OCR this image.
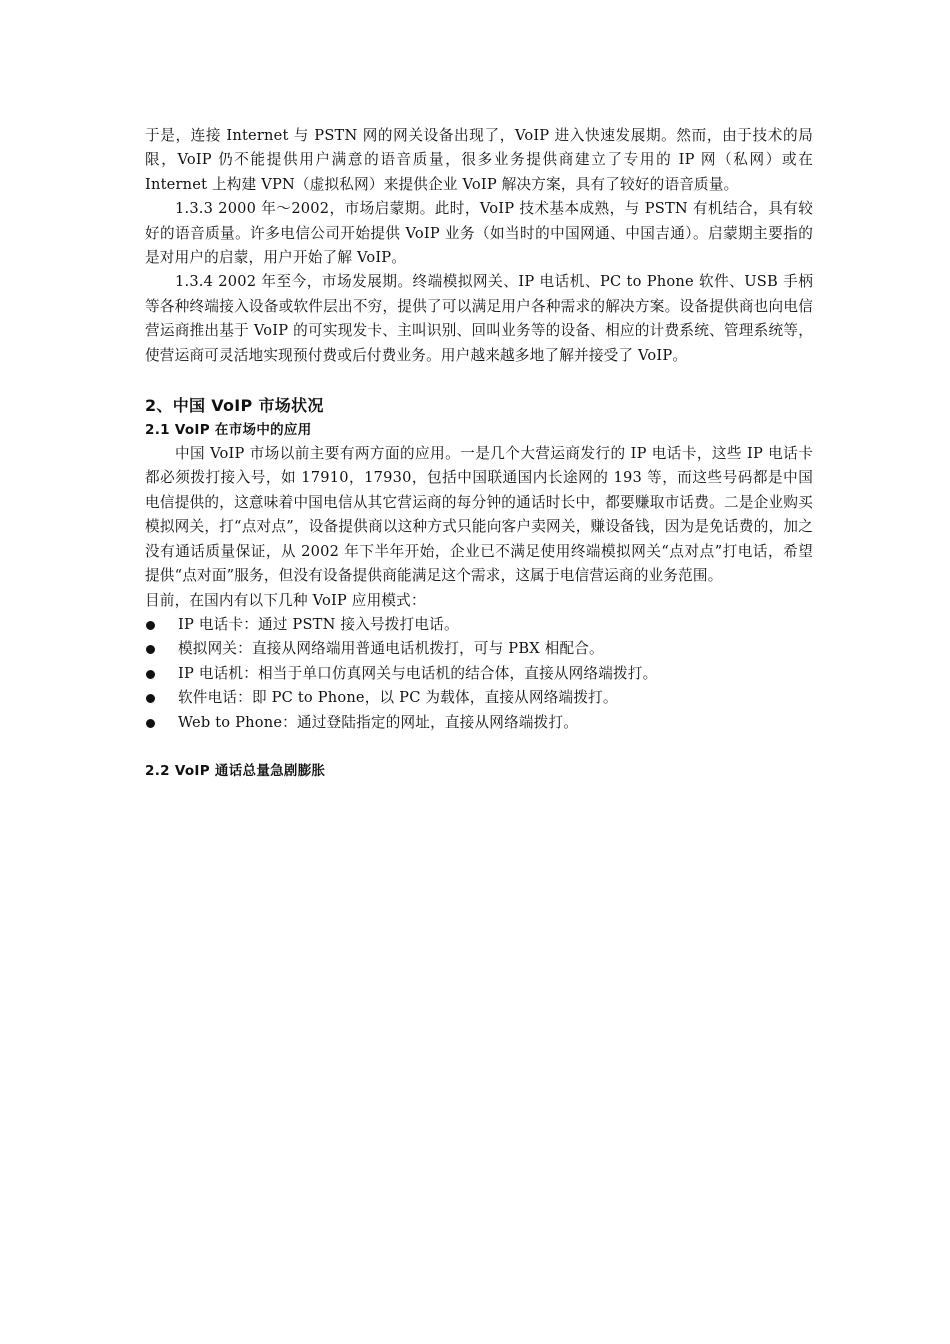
于是，连接 Internet 与 PSTN 网的网关设备出现了，VoIP 进入快速发展期。然而，由于技术的局限，VoIP 仍不能提供用户满意的语音质量，很多业务提供商建立了专用的 IP 网（私网）或在 Internet 上构建 VPN（虚拟私网）来提供企业 VoIP 解决方案，具有了较好的语音质量。

1.3.3 2000 年～2002，市场启蒙期。此时，VoIP 技术基本成熟，与 PSTN 有机结合，具有较好的语音质量。许多电信公司开始提供 VoIP 业务（如当时的中国网通、中国吉通）。启蒙期主要指的是对用户的启蒙，用户开始了解 VoIP。

1.3.4 2002 年至今，市场发展期。终端模拟网关、IP 电话机、PC to Phone 软件、USB 手柄等各种终端接入设备或软件层出不穷，提供了可以满足用户各种需求的解决方案。设备提供商也向电信营运商推出基于 VoIP 的可实现发卡、主叫识别、回叫业务等的设备、相应的计费系统、管理系统等，使营运商可灵活地实现预付费或后付费业务。用户越来越多地了解并接受了 VoIP。

2、中国 VoIP 市场状况
2.1 VoIP 在市场中的应用

中国 VoIP 市场以前主要有两方面的应用。一是几个大营运商发行的 IP 电话卡，这些 IP 电话卡都必须拨打接入号，如 17910，17930，包括中国联通国内长途网的 193 等，而这些号码都是中国电信提供的，这意味着中国电信从其它营运商的每分钟的通话时长中，都要赚取市话费。二是企业购买模拟网关，打“点对点”，设备提供商以这种方式只能向客户卖网关，赚设备钱，因为是免话费的，加之没有通话质量保证，从 2002 年下半年开始，企业已不满足使用终端模拟网关“点对点”打电话，希望提供“点对面”服务，但没有设备提供商能满足这个需求，这属于电信营运商的业务范围。

目前，在国内有以下几种 VoIP 应用模式：

IP 电话卡：通过 PSTN 接入号拨打电话。
模拟网关：直接从网络端用普通电话机拨打，可与 PBX 相配合。
IP 电话机：相当于单口仿真网关与电话机的结合体，直接从网络端拨打。
软件电话：即 PC to Phone，以 PC 为载体，直接从网络端拨打。
Web to Phone：通过登陆指定的网址，直接从网络端拨打。
2.2 VoIP 通话总量急剧膨胀
